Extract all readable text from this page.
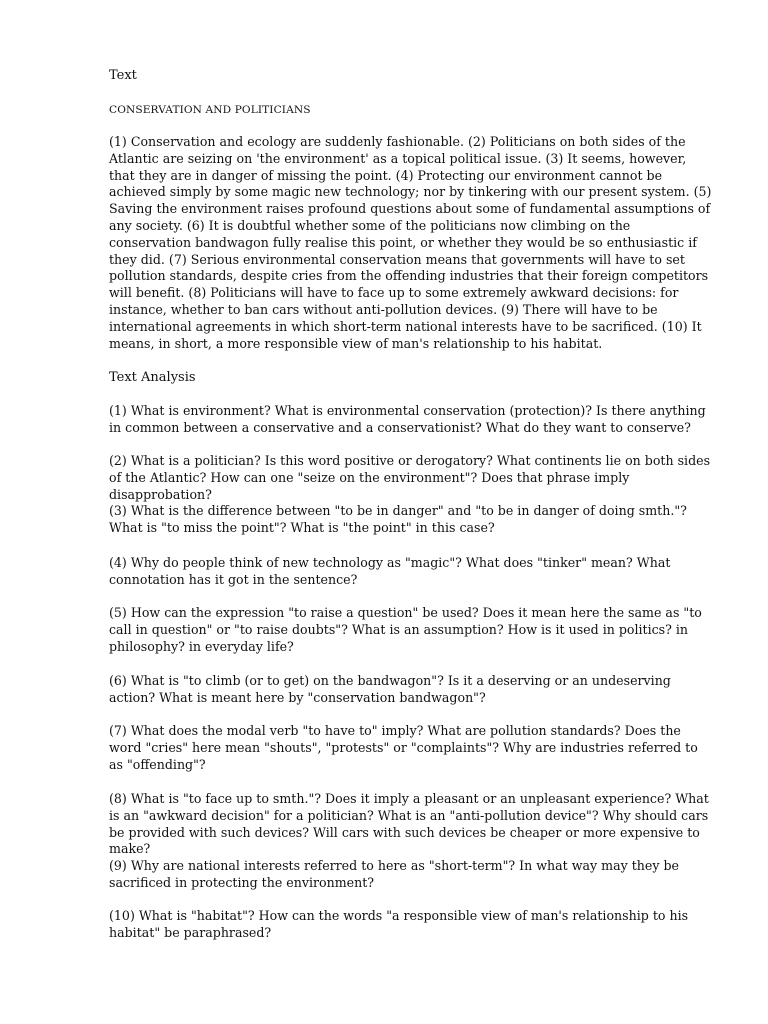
Text
CONSERVATION AND POLITICIANS

(1) Conservation and ecology are suddenly fashionable. (2) Politicians on both sides of the Atlantic are seizing on 'the environment' as a topical political issue. (3) It seems, however, that they are in danger of missing the point. (4) Protecting our environment cannot be achieved simply by some magic new technology; nor by tinkering with our present system. (5) Saving the environment raises profound questions about some of fundamental assumptions of any society. (6) It is doubtful whether some of the politicians now climbing on the conservation bandwagon fully realise this point, or whether they would be so enthusiastic if they did. (7) Serious environmental conservation means that governments will have to set pollution standards, despite cries from the offending industries that their foreign competitors will benefit. (8) Politicians will have to face up to some extremely awkward decisions: for instance, whether to ban cars without anti-pollution devices. (9) There will have to be international agreements in which short-term national interests have to be sacrificed. (10) It means, in short, a more responsible view of man's relationship to his habitat.

Text Analysis

(1) What is environment? What is environmental conservation (protection)? Is there anything in common between a conservative and a conservationist? What do they want to conserve?

(2) What is a politician? Is this word positive or derogatory? What continents lie on both sides of the Atlantic? How can one "seize on the environment"? Does that phrase imply disapprobation?

(3) What is the difference between "to be in danger" and "to be in danger of doing smth."? What is "to miss the point"? What is "the point" in this case?

(4) Why do people think of new technology as "magic"? What does "tinker" mean? What connotation has it got in the sentence?

(5) How can the expression "to raise a question" be used? Does it mean here the same as "to call in question" or "to raise doubts"? What is an assumption? How is it used in politics? in philosophy? in everyday life?

(6) What is "to climb (or to get) on the bandwagon"? Is it a deserving or an undeserving action? What is meant here by "conservation bandwagon"?

(7) What does the modal verb "to have to" imply? What are pollution standards? Does the word "cries" here mean "shouts", "protests" or "complaints"? Why are industries referred to as "offending"?

(8) What is "to face up to smth."? Does it imply a pleasant or an unpleasant experience? What is an "awkward decision" for a politician? What is an "anti-pollution device"? Why should cars be provided with such devices? Will cars with such devices be cheaper or more expensive to make?

(9) Why are national interests referred to here as "short-term"? In what way may they be sacrificed in protecting the environment?

(10) What is "habitat"? How can the words "a responsible view of man's relationship to his habitat" be paraphrased?
